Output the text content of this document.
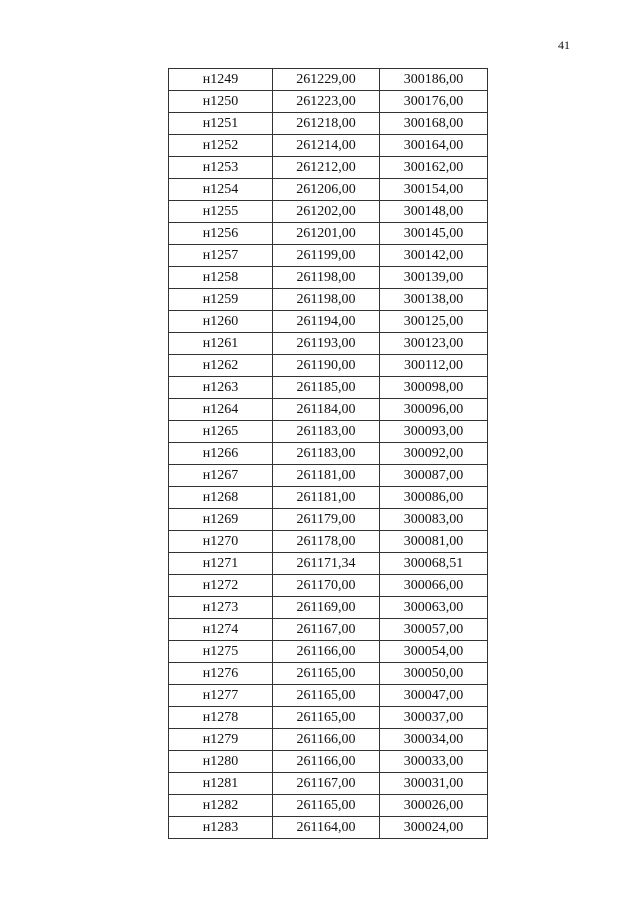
41
н1249	261229,00	300186,00
н1250	261223,00	300176,00
н1251	261218,00	300168,00
н1252	261214,00	300164,00
н1253	261212,00	300162,00
н1254	261206,00	300154,00
н1255	261202,00	300148,00
н1256	261201,00	300145,00
н1257	261199,00	300142,00
н1258	261198,00	300139,00
н1259	261198,00	300138,00
н1260	261194,00	300125,00
н1261	261193,00	300123,00
н1262	261190,00	300112,00
н1263	261185,00	300098,00
н1264	261184,00	300096,00
н1265	261183,00	300093,00
н1266	261183,00	300092,00
н1267	261181,00	300087,00
н1268	261181,00	300086,00
н1269	261179,00	300083,00
н1270	261178,00	300081,00
н1271	261171,34	300068,51
н1272	261170,00	300066,00
н1273	261169,00	300063,00
н1274	261167,00	300057,00
н1275	261166,00	300054,00
н1276	261165,00	300050,00
н1277	261165,00	300047,00
н1278	261165,00	300037,00
н1279	261166,00	300034,00
н1280	261166,00	300033,00
н1281	261167,00	300031,00
н1282	261165,00	300026,00
н1283	261164,00	300024,00
